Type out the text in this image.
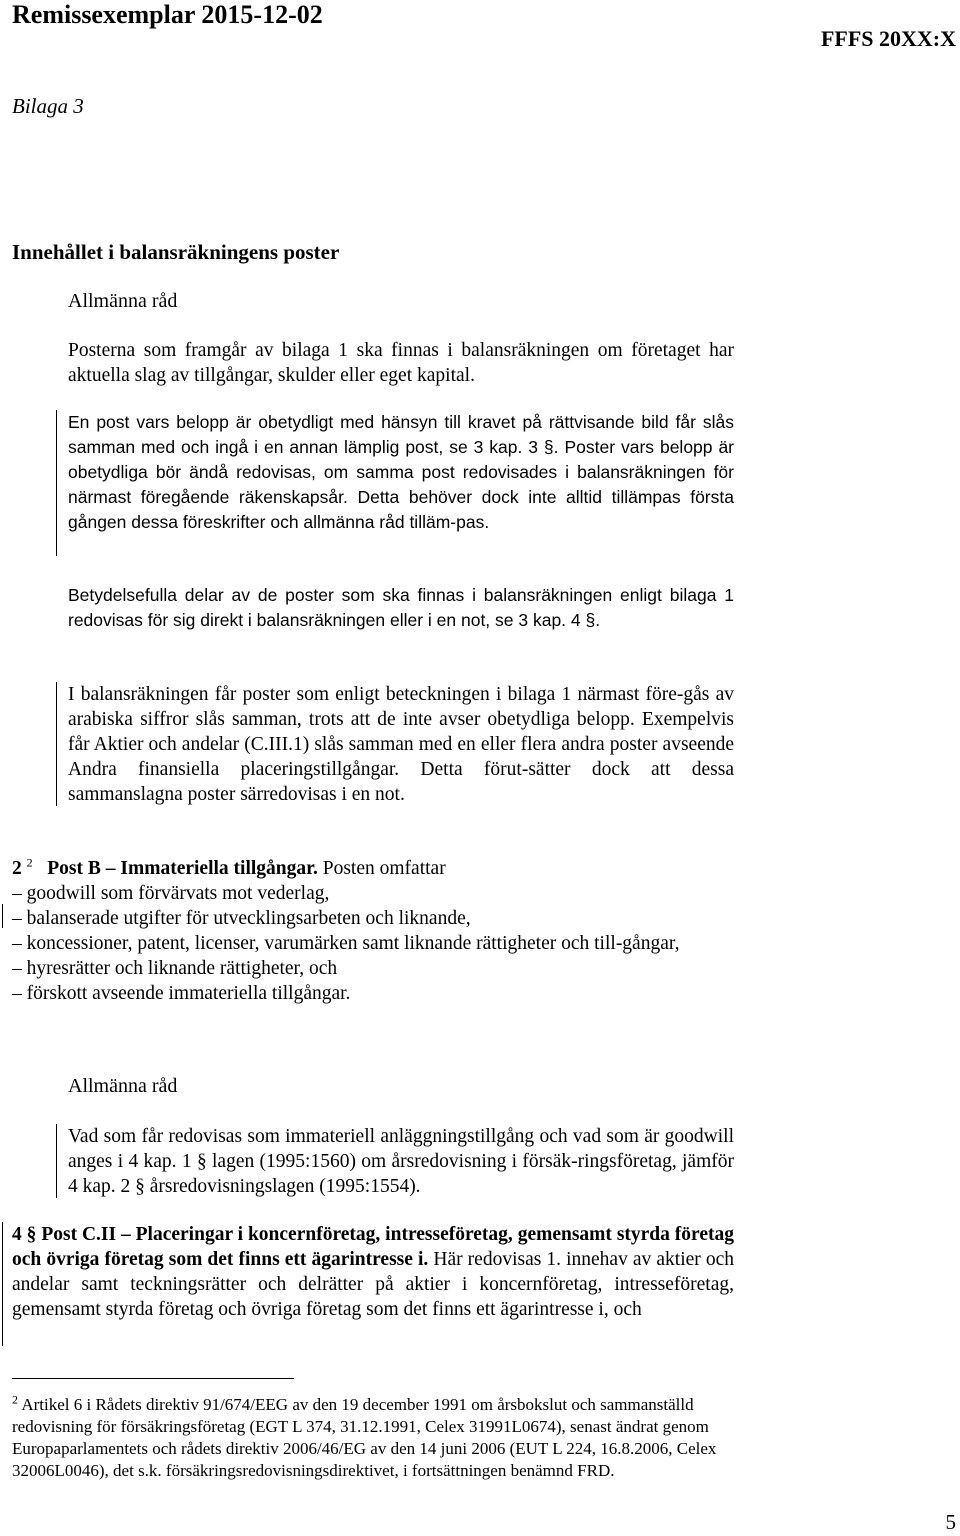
Remissexemplar 2015-12-02
FFFS 20XX:X
Bilaga 3
Innehållet i balansräkningens poster
Allmänna råd
Posterna som framgår av bilaga 1 ska finnas i balansräkningen om företaget har aktuella slag av tillgångar, skulder eller eget kapital.
En post vars belopp är obetydligt med hänsyn till kravet på rättvisande bild får slås samman med och ingå i en annan lämplig post, se 3 kap. 3 §. Poster vars belopp är obetydliga bör ändå redovisas, om samma post redovisades i balansräkningen för närmast föregående räkenskapsår. Detta behöver dock inte alltid tillämpas första gången dessa föreskrifter och allmänna råd tilläm-pas.
Betydelsefulla delar av de poster som ska finnas i balansräkningen enligt bilaga 1 redovisas för sig direkt i balansräkningen eller i en not, se 3 kap. 4 §.
I balansräkningen får poster som enligt beteckningen i bilaga 1 närmast före-gås av arabiska siffror slås samman, trots att de inte avser obetydliga belopp. Exempelvis får Aktier och andelar (C.III.1) slås samman med en eller flera andra poster avseende Andra finansiella placeringstillgångar. Detta förut-sätter dock att dessa sammanslagna poster särredovisas i en not.
2 $^2$ Post B – Immateriella tillgångar. Posten omfattar
– goodwill som förvärvats mot vederlag,
– balanserade utgifter för utvecklingsarbeten och liknande,
– koncessioner, patent, licenser, varumärken samt liknande rättigheter och till-gångar,
– hyresrätter och liknande rättigheter, och
– förskott avseende immateriella tillgångar.
Allmänna råd
Vad som får redovisas som immateriell anläggningstillgång och vad som är goodwill anges i 4 kap. 1 § lagen (1995:1560) om årsredovisning i försäk-ringsföretag, jämför 4 kap. 2 § årsredovisningslagen (1995:1554).
4 § Post C.II – Placeringar i koncernföretag, intresseföretag, gemensamt styrda företag och övriga företag som det finns ett ägarintresse i. Här redovisas 1. innehav av aktier och andelar samt teckningsrätter och delrätter på aktier i koncernföretag, intresseföretag, gemensamt styrda företag och övriga företag som det finns ett ägarintresse i, och
$^2$ Artikel 6 i Rådets direktiv 91/674/EEG av den 19 december 1991 om årsbokslut och sammanställd redovisning för försäkringsföretag (EGT L 374, 31.12.1991, Celex 31991L0674), senast ändrat genom Europaparlamentets och rådets direktiv 2006/46/EG av den 14 juni 2006 (EUT L 224, 16.8.2006, Celex 32006L0046), det s.k. försäkringsredovisningsdirektivet, i fortsättningen benämnd FRD.
5
